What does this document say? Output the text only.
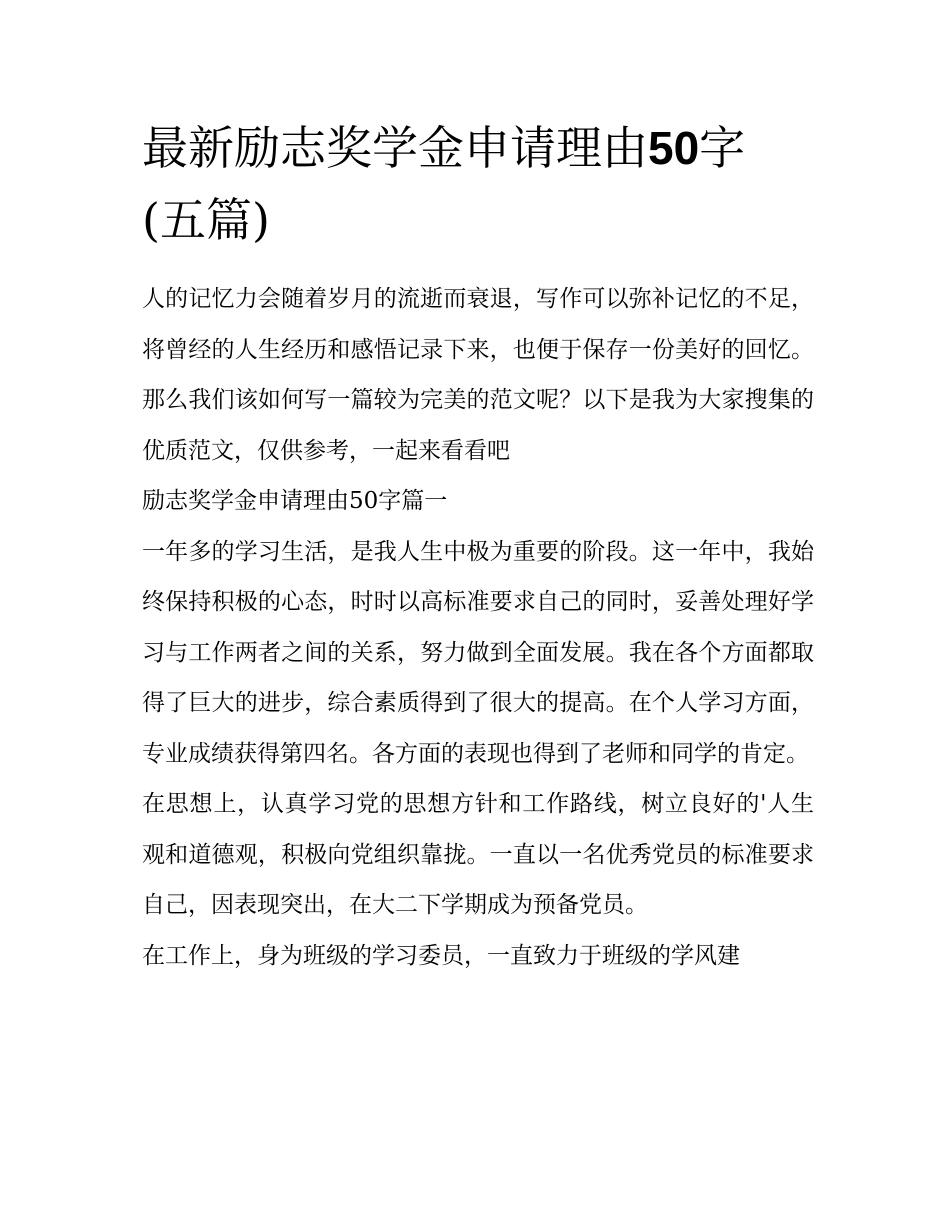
最新励志奖学金申请理由50字
(五篇)

人的记忆力会随着岁月的流逝而衰退，写作可以弥补记忆的不足，将曾经的人生经历和感悟记录下来，也便于保存一份美好的回忆。那么我们该如何写一篇较为完美的范文呢？以下是我为大家搜集的优质范文，仅供参考，一起来看看吧

励志奖学金申请理由50字篇一

一年多的学习生活，是我人生中极为重要的阶段。这一年中，我始终保持积极的心态，时时以高标准要求自己的同时，妥善处理好学习与工作两者之间的关系，努力做到全面发展。我在各个方面都取得了巨大的进步，综合素质得到了很大的提高。在个人学习方面，专业成绩获得第四名。各方面的表现也得到了老师和同学的肯定。

在思想上，认真学习党的思想方针和工作路线，树立良好的'人生观和道德观，积极向党组织靠拢。一直以一名优秀党员的标准要求自己，因表现突出，在大二下学期成为预备党员。

在工作上，身为班级的学习委员，一直致力于班级的学风建
